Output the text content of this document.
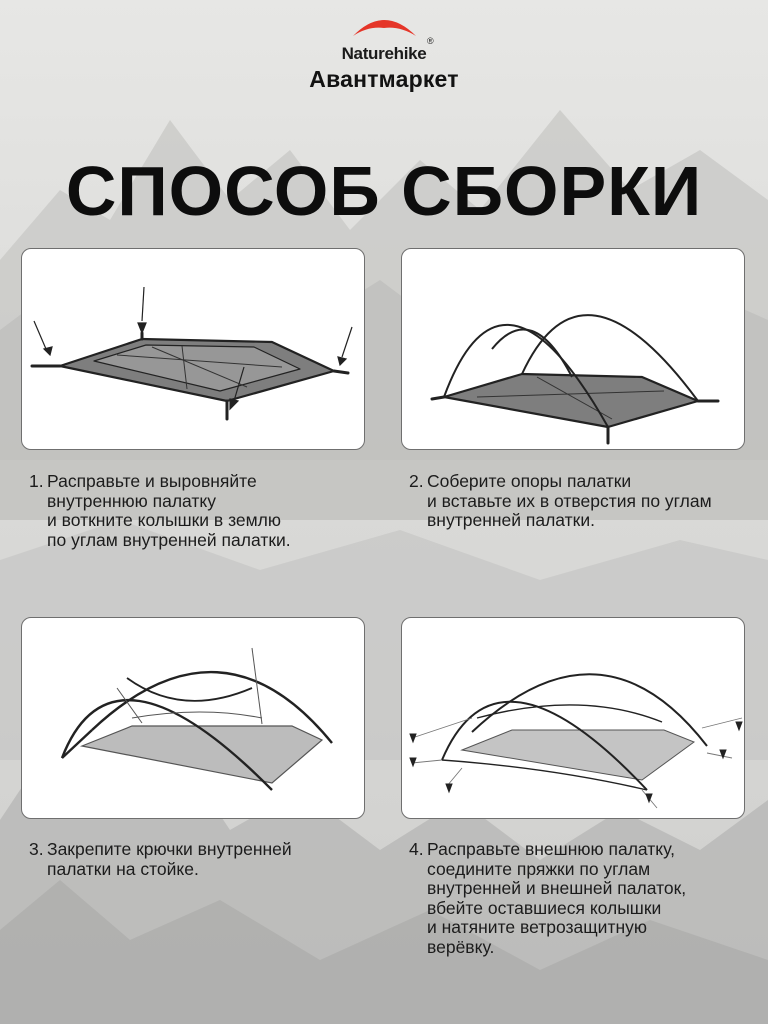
Naturehike
®
Авантмаркет
СПОСОБ СБОРКИ
1. Расправьте и выровняйте
внутреннюю палатку
и воткните колышки в землю
по углам внутренней палатки.
2. Соберите опоры палатки
и вставьте их в отверстия по углам
внутренней палатки.
3. Закрепите крючки внутренней
палатки на стойке.
4. Расправьте внешнюю палатку,
соедините пряжки по углам
внутренней и внешней палаток,
вбейте оставшиеся колышки
и натяните ветрозащитную
верёвку.
